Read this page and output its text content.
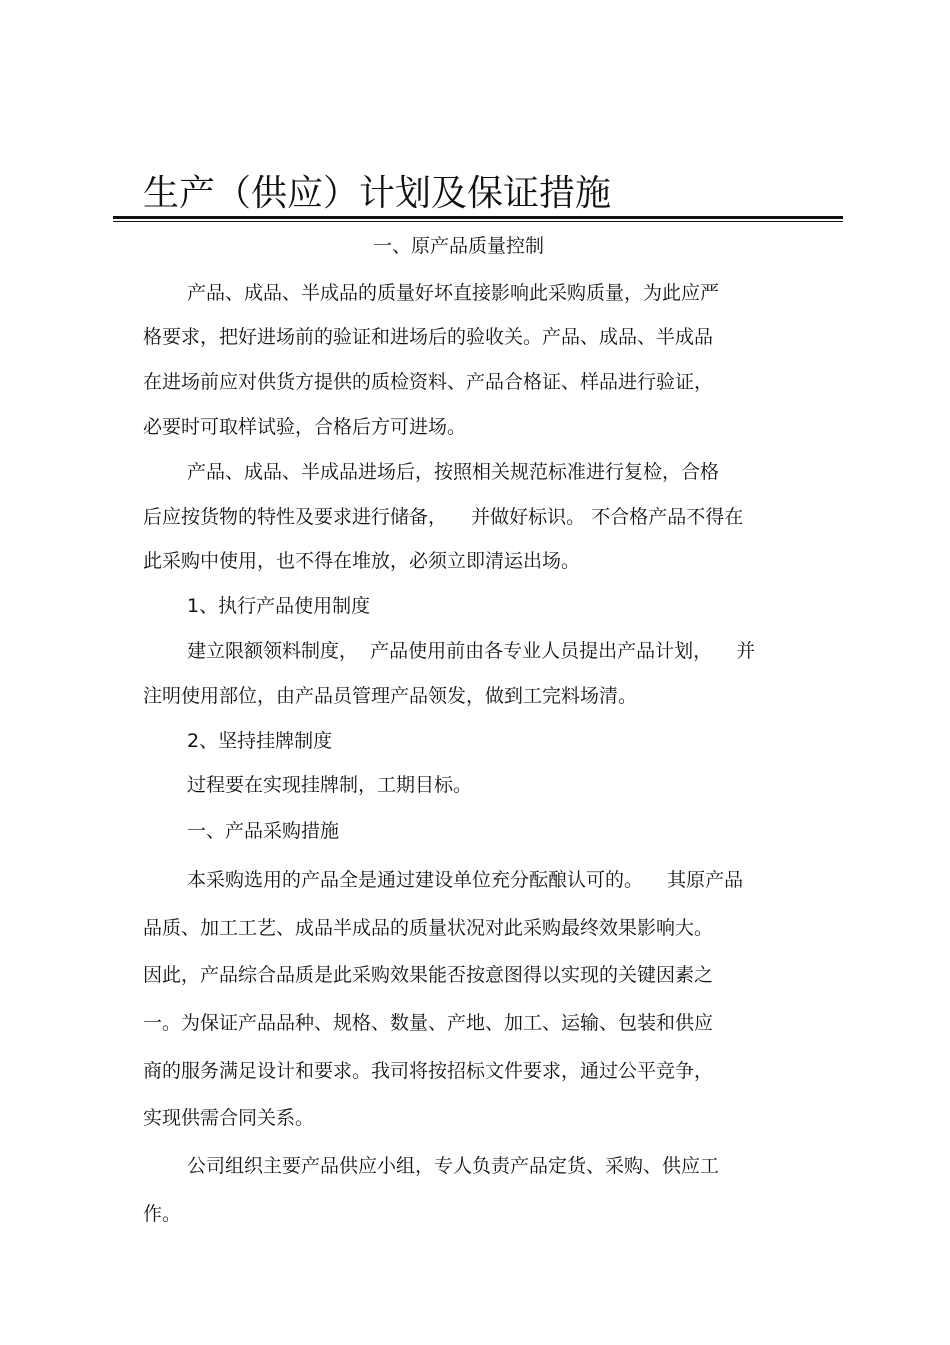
生产（供应）计划及保证措施

一、原产品质量控制

产品、成品、半成品的质量好坏直接影响此采购质量，为此应严

格要求，把好进场前的验证和进场后的验收关。产品、成品、半成品

在进场前应对供货方提供的质检资料、产品合格证、样品进行验证，

必要时可取样试验，合格后方可进场。

产品、成品、半成品进场后，按照相关规范标准进行复检，合格

后应按货物的特性及要求进行储备，    并做好标识。 不合格产品不得在

此采购中使用，也不得在堆放，必须立即清运出场。

1、执行产品使用制度

建立限额领料制度，  产品使用前由各专业人员提出产品计划，    并

注明使用部位，由产品员管理产品领发，做到工完料场清。

2、坚持挂牌制度

过程要在实现挂牌制，工期目标。

一、产品采购措施

本采购选用的产品全是通过建设单位充分酝酿认可的。    其原产品

品质、加工工艺、成品半成品的质量状况对此采购最终效果影响大。

因此，产品综合品质是此采购效果能否按意图得以实现的关键因素之

一。为保证产品品种、规格、数量、产地、加工、运输、包装和供应

商的服务满足设计和要求。我司将按招标文件要求，通过公平竞争，

实现供需合同关系。

公司组织主要产品供应小组，专人负责产品定货、采购、供应工

作。
